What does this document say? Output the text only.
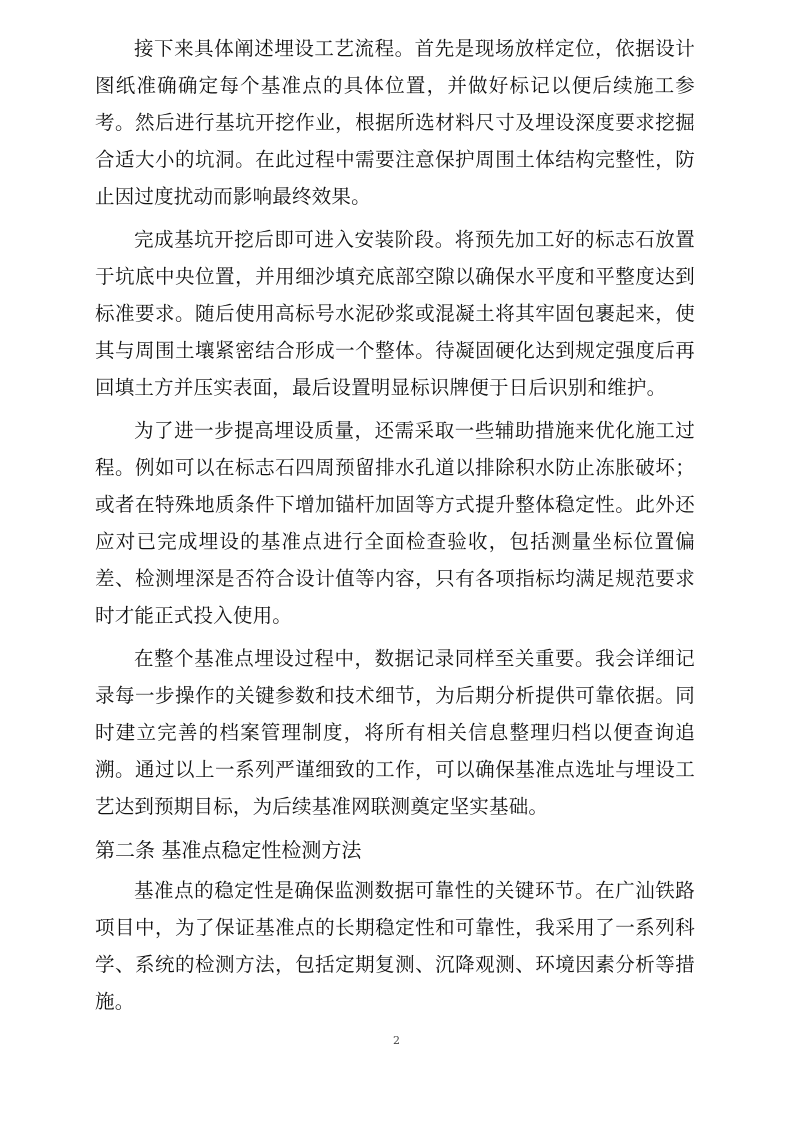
接下来具体阐述埋设工艺流程。首先是现场放样定位，依据设计图纸准确确定每个基准点的具体位置，并做好标记以便后续施工参考。然后进行基坑开挖作业，根据所选材料尺寸及埋设深度要求挖掘合适大小的坑洞。在此过程中需要注意保护周围土体结构完整性，防止因过度扰动而影响最终效果。

完成基坑开挖后即可进入安装阶段。将预先加工好的标志石放置于坑底中央位置，并用细沙填充底部空隙以确保水平度和平整度达到标准要求。随后使用高标号水泥砂浆或混凝土将其牢固包裹起来，使其与周围土壤紧密结合形成一个整体。待凝固硬化达到规定强度后再回填土方并压实表面，最后设置明显标识牌便于日后识别和维护。

为了进一步提高埋设质量，还需采取一些辅助措施来优化施工过程。例如可以在标志石四周预留排水孔道以排除积水防止冻胀破坏；或者在特殊地质条件下增加锚杆加固等方式提升整体稳定性。此外还应对已完成埋设的基准点进行全面检查验收，包括测量坐标位置偏差、检测埋深是否符合设计值等内容，只有各项指标均满足规范要求时才能正式投入使用。

在整个基准点埋设过程中，数据记录同样至关重要。我会详细记录每一步操作的关键参数和技术细节，为后期分析提供可靠依据。同时建立完善的档案管理制度，将所有相关信息整理归档以便查询追溯。通过以上一系列严谨细致的工作，可以确保基准点选址与埋设工艺达到预期目标，为后续基准网联测奠定坚实基础。

第二条 基准点稳定性检测方法

基准点的稳定性是确保监测数据可靠性的关键环节。在广汕铁路项目中，为了保证基准点的长期稳定性和可靠性，我采用了一系列科学、系统的检测方法，包括定期复测、沉降观测、环境因素分析等措施。

2
